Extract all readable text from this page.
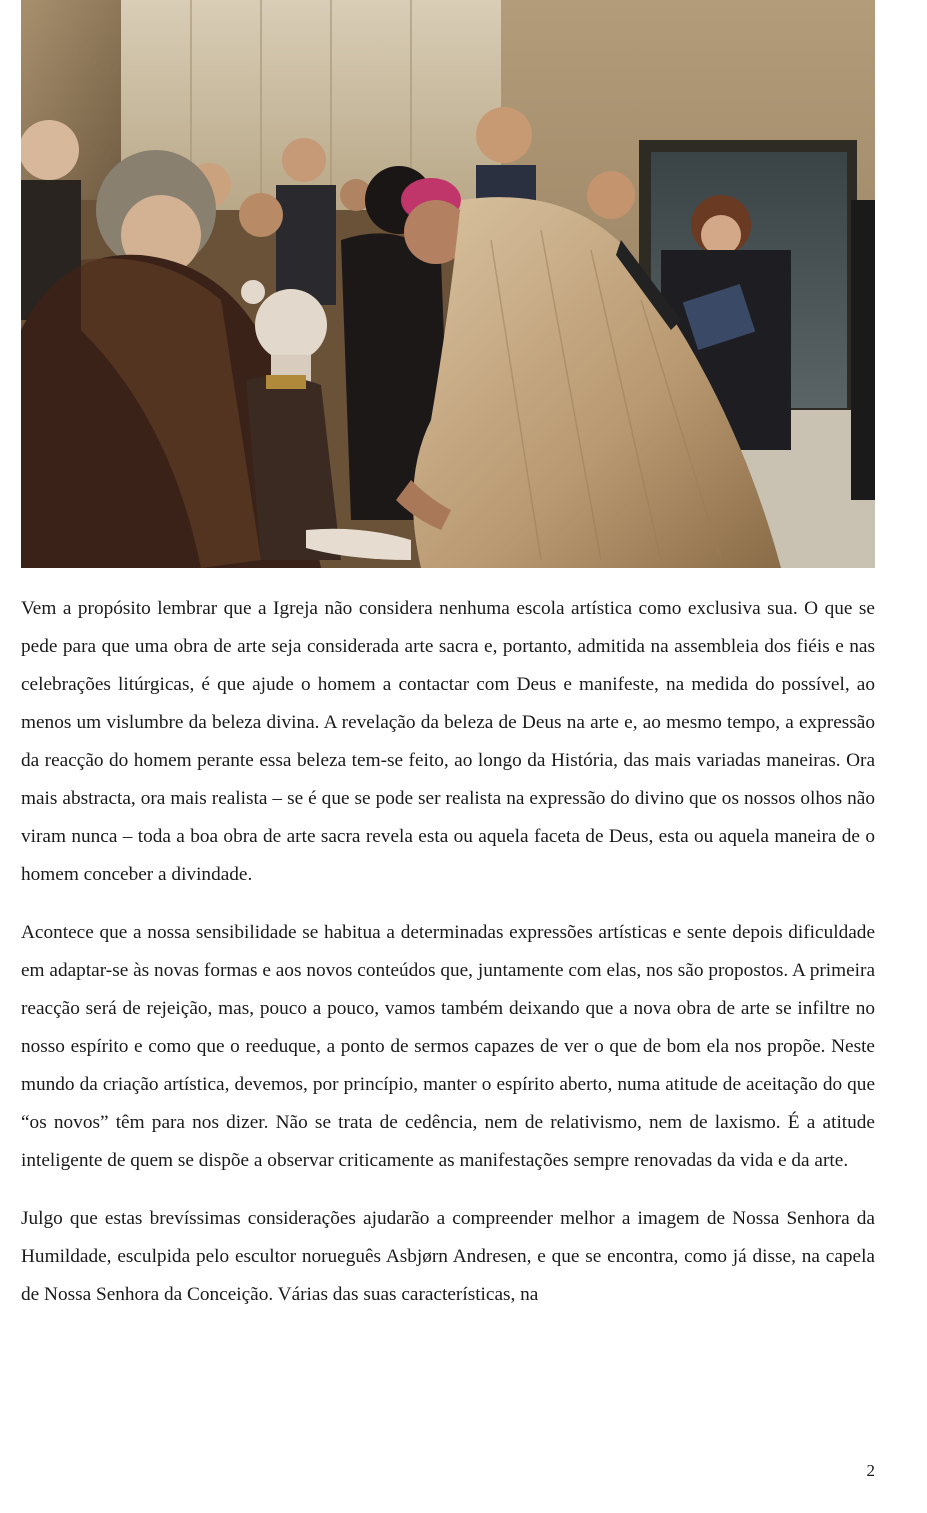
Vem a propósito lembrar que a Igreja não considera nenhuma escola artística como exclusiva sua. O que se pede para que uma obra de arte seja considerada arte sacra e, portanto, admitida na assembleia dos fiéis e nas celebrações litúrgicas, é que ajude o homem a contactar com Deus e manifeste, na medida do possível, ao menos um vislumbre da beleza divina. A revelação da beleza de Deus na arte e, ao mesmo tempo, a expressão da reacção do homem perante essa beleza tem-se feito, ao longo da História, das mais variadas maneiras. Ora mais abstracta, ora mais realista – se é que se pode ser realista na expressão do divino que os nossos olhos não viram nunca – toda a boa obra de arte sacra revela esta ou aquela faceta de Deus, esta ou aquela maneira de o homem conceber a divindade.

Acontece que a nossa sensibilidade se habitua a determinadas expressões artísticas e sente depois dificuldade em adaptar-se às novas formas e aos novos conteúdos que, juntamente com elas, nos são propostos. A primeira reacção será de rejeição, mas, pouco a pouco, vamos também deixando que a nova obra de arte se infiltre no nosso espírito e como que o reeduque, a ponto de sermos capazes de ver o que de bom ela nos propõe. Neste mundo da criação artística, devemos, por princípio, manter o espírito aberto, numa atitude de aceitação do que “os novos” têm para nos dizer. Não se trata de cedência, nem de relativismo, nem de laxismo. É a atitude inteligente de quem se dispõe a observar criticamente as manifestações sempre renovadas da vida e da arte.

Julgo que estas brevíssimas considerações ajudarão a compreender melhor a imagem de Nossa Senhora da Humildade, esculpida pelo escultor norueguês Asbjørn Andresen, e que se encontra, como já disse, na capela de Nossa Senhora da Conceição. Várias das suas características, na

2
